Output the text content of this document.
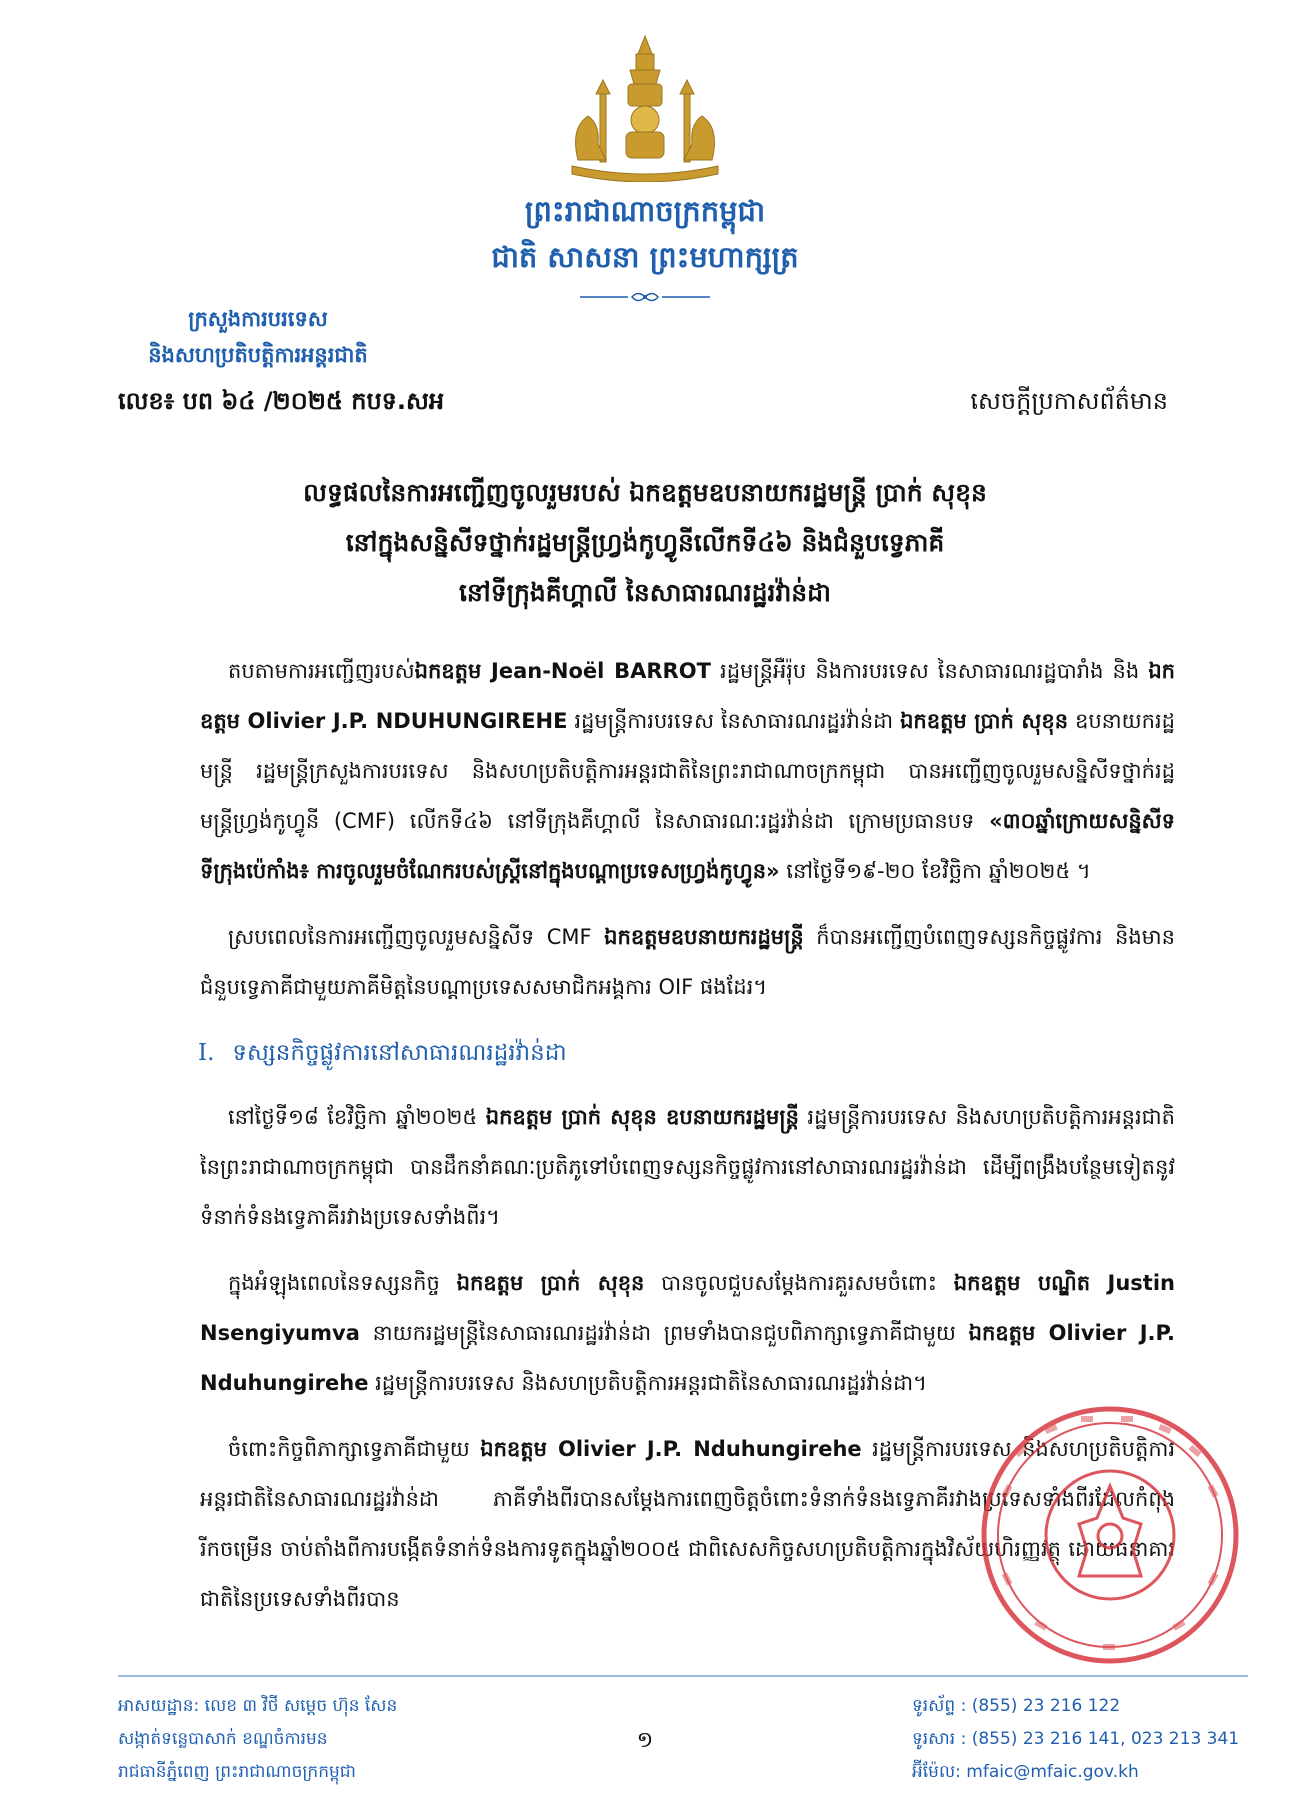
ព្រះរាជាណាចក្រកម្ពុជា
ជាតិ សាសនា ព្រះមហាក្សត្រ
ក្រសួងការបរទេស
និងសហប្រតិបត្តិការអន្តរជាតិ
លេខ៖ បព ៦៤ /២០២៥ កបទ.សអ	សេចក្តីប្រកាសព័ត៌មាន
លទ្ធផលនៃការអញ្ជើញចូលរួមរបស់ ឯកឧត្តមឧបនាយករដ្ឋមន្ត្រី ប្រាក់ សុខុន
នៅក្នុងសន្និសីទថ្នាក់រដ្ឋមន្ត្រីហ្វ្រង់កូហ្វូនីលើកទី៤៦ និងជំនួបទ្វេភាគី
នៅទីក្រុងគីហ្គាលី នៃសាធារណរដ្ឋរវ៉ាន់ដា

តបតាមការអញ្ជើញរបស់ឯកឧត្តម Jean-Noël BARROT រដ្ឋមន្ត្រីអឺរ៉ុប និងការបរទេស នៃសាធារណរដ្ឋបារាំង និង ឯកឧត្តម Olivier J.P. NDUHUNGIREHE រដ្ឋមន្ត្រីការបរទេស នៃសាធារណរដ្ឋរវ៉ាន់ដា ឯកឧត្តម ប្រាក់ សុខុន ឧបនាយករដ្ឋមន្ត្រី រដ្ឋមន្ត្រីក្រសួងការបរទេស និងសហប្រតិបត្តិការអន្តរជាតិនៃព្រះរាជាណាចក្រកម្ពុជា បានអញ្ជើញចូលរួមសន្និសីទថ្នាក់រដ្ឋមន្ត្រីហ្វ្រង់កូហ្វូនី (CMF) លើកទី៤៦ នៅទីក្រុងគីហ្គាលី នៃសាធារណៈរដ្ឋរវ៉ាន់ដា ក្រោមប្រធានបទ «៣០ឆ្នាំក្រោយសន្និសីទទីក្រុងប៉េកាំង៖ ការចូលរួមចំណែករបស់ស្ត្រីនៅក្នុងបណ្តាប្រទេសហ្វ្រង់កូហ្វូន» នៅថ្ងៃទី១៩-២០ ខែវិច្ឆិកា ឆ្នាំ២០២៥ ។

ស្របពេលនៃការអញ្ជើញចូលរួមសន្និសីទ CMF ឯកឧត្តមឧបនាយករដ្ឋមន្ត្រី ក៏បានអញ្ជើញបំពេញទស្សនកិច្ចផ្លូវការ និងមានជំនួបទ្វេភាគីជាមួយភាគីមិត្តនៃបណ្តាប្រទេសសមាជិកអង្គការ OIF ផងដែរ។

I. ទស្សនកិច្ចផ្លូវការនៅសាធារណរដ្ឋរវ៉ាន់ដា

នៅថ្ងៃទី១៨ ខែវិច្ឆិកា ឆ្នាំ២០២៥ ឯកឧត្តម ប្រាក់ សុខុន ឧបនាយករដ្ឋមន្ត្រី រដ្ឋមន្ត្រីការបរទេស និងសហប្រតិបត្តិការអន្តរជាតិនៃព្រះរាជាណាចក្រកម្ពុជា បានដឹកនាំគណៈប្រតិភូទៅបំពេញទស្សនកិច្ចផ្លូវការនៅសាធារណរដ្ឋរវ៉ាន់ដា ដើម្បីពង្រឹងបន្ថែមទៀតនូវទំនាក់ទំនងទ្វេភាគីរវាងប្រទេសទាំងពីរ។

ក្នុងអំឡុងពេលនៃទស្សនកិច្ច ឯកឧត្តម ប្រាក់ សុខុន បានចូលជួបសម្តែងការគួរសមចំពោះ ឯកឧត្តម បណ្ឌិត Justin Nsengiyumva នាយករដ្ឋមន្ត្រីនៃសាធារណរដ្ឋរវ៉ាន់ដា ព្រមទាំងបានជួបពិភាក្សាទ្វេភាគីជាមួយ ឯកឧត្តម Olivier J.P. Nduhungirehe រដ្ឋមន្ត្រីការបរទេស និងសហប្រតិបត្តិការអន្តរជាតិនៃសាធារណរដ្ឋរវ៉ាន់ដា។

ចំពោះកិច្ចពិភាក្សាទ្វេភាគីជាមួយ ឯកឧត្តម Olivier J.P. Nduhungirehe រដ្ឋមន្ត្រីការបរទេស និងសហប្រតិបត្តិការអន្តរជាតិនៃសាធារណរដ្ឋរវ៉ាន់ដា ភាគីទាំងពីរបានសម្តែងការពេញចិត្តចំពោះទំនាក់ទំនងទ្វេភាគីរវាងប្រទេសទាំងពីរដែលកំពុងរីកចម្រើន ចាប់តាំងពីការបង្កើតទំនាក់ទំនងការទូតក្នុងឆ្នាំ២០០៥ ជាពិសេសកិច្ចសហប្រតិបត្តិការក្នុងវិស័យហិរញ្ញវត្ថុ ដោយធនាគារជាតិនៃប្រទេសទាំងពីរបាន

អាសយដ្ឋាន: លេខ ៣ វិថី សម្តេច ហ៊ុន សែន
សង្កាត់ទន្លេបាសាក់ ខណ្ឌចំការមន
រាជធានីភ្នំពេញ ព្រះរាជាណាចក្រកម្ពុជា
១
ទូរស័ព្ទ : (855) 23 216 122
ទូរសារ : (855) 23 216 141, 023 213 341
អ៊ីម៉ែល: mfaic@mfaic.gov.kh
